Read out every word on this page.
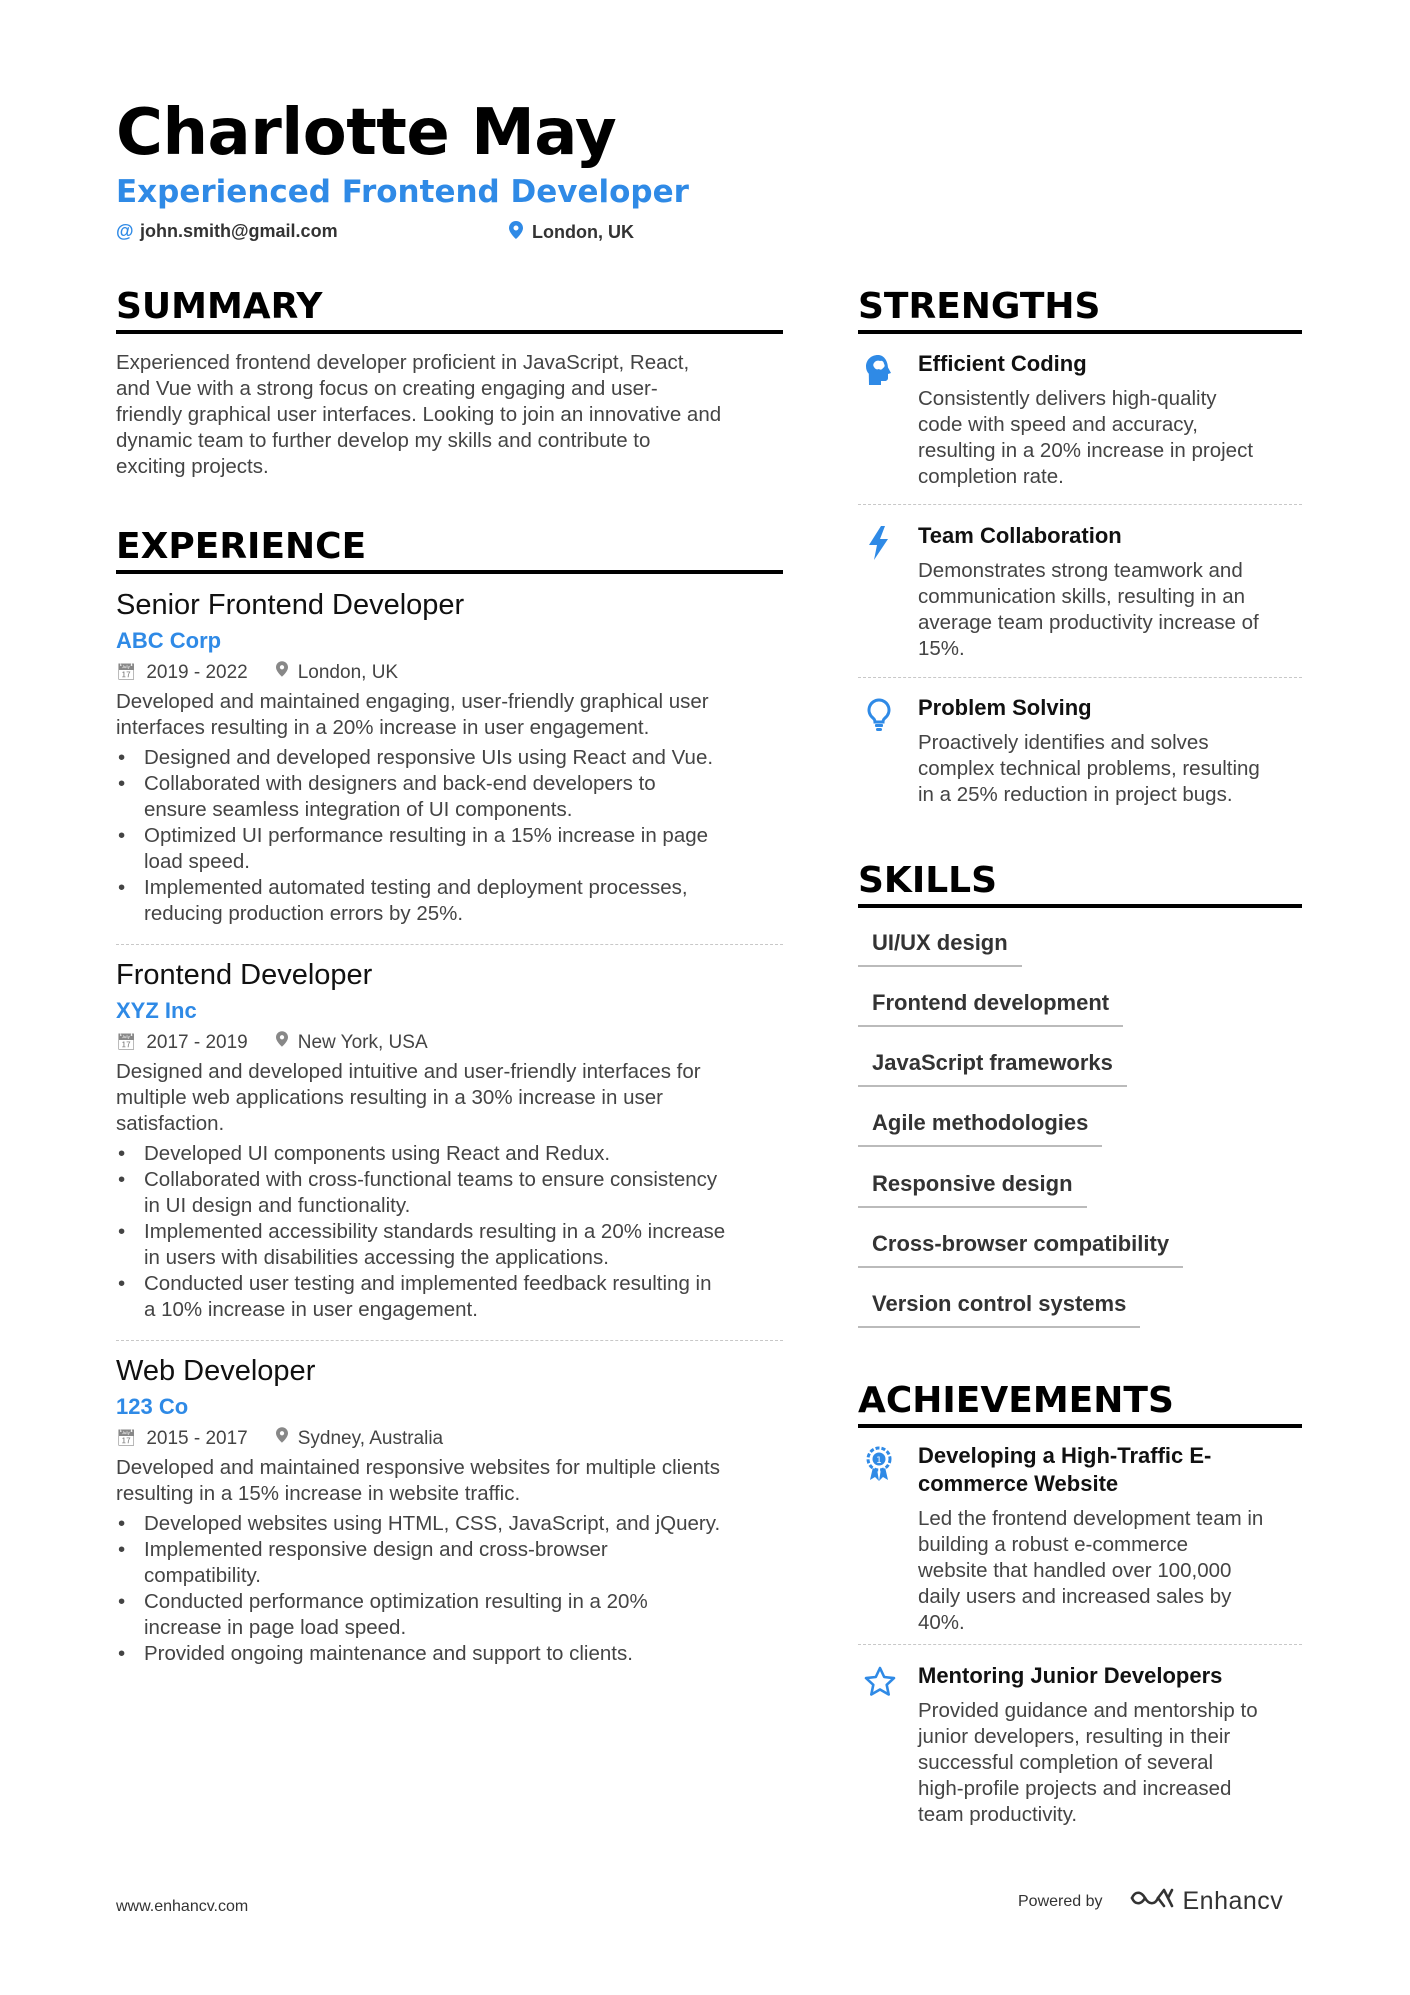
Charlotte May
Experienced Frontend Developer
@ john.smith@gmail.com	London, UK
SUMMARY
Experienced frontend developer proficient in JavaScript, React,
and Vue with a strong focus on creating engaging and user-
friendly graphical user interfaces. Looking to join an innovative and
dynamic team to further develop my skills and contribute to
exciting projects.
EXPERIENCE
Senior Frontend Developer
ABC Corp
📅︎ 2019 - 2022	London, UK
Developed and maintained engaging, user-friendly graphical user
interfaces resulting in a 20% increase in user engagement.
• Designed and developed responsive UIs using React and Vue.
• Collaborated with designers and back-end developers to
ensure seamless integration of UI components.
• Optimized UI performance resulting in a 15% increase in page
load speed.
• Implemented automated testing and deployment processes,
reducing production errors by 25%.
Frontend Developer
XYZ Inc
📅︎ 2017 - 2019	New York, USA
Designed and developed intuitive and user-friendly interfaces for
multiple web applications resulting in a 30% increase in user
satisfaction.
• Developed UI components using React and Redux.
• Collaborated with cross-functional teams to ensure consistency
in UI design and functionality.
• Implemented accessibility standards resulting in a 20% increase
in users with disabilities accessing the applications.
• Conducted user testing and implemented feedback resulting in
a 10% increase in user engagement.
Web Developer
123 Co
📅︎ 2015 - 2017	Sydney, Australia
Developed and maintained responsive websites for multiple clients
resulting in a 15% increase in website traffic.
• Developed websites using HTML, CSS, JavaScript, and jQuery.
• Implemented responsive design and cross-browser
compatibility.
• Conducted performance optimization resulting in a 20%
increase in page load speed.
• Provided ongoing maintenance and support to clients.
STRENGTHS
Efficient Coding
Consistently delivers high-quality
code with speed and accuracy,
resulting in a 20% increase in project
completion rate.
Team Collaboration
Demonstrates strong teamwork and
communication skills, resulting in an
average team productivity increase of
15%.
Problem Solving
Proactively identifies and solves
complex technical problems, resulting
in a 25% reduction in project bugs.
SKILLS
UI/UX design
Frontend development
JavaScript frameworks
Agile methodologies
Responsive design
Cross-browser compatibility
Version control systems
ACHIEVEMENTS
1 Developing a High-Traffic E-
commerce Website
Led the frontend development team in
building a robust e-commerce
website that handled over 100,000
daily users and increased sales by
40%.
Mentoring Junior Developers
Provided guidance and mentorship to
junior developers, resulting in their
successful completion of several
high-profile projects and increased
team productivity.
www.enhancv.com	Powered by	Enhancv
